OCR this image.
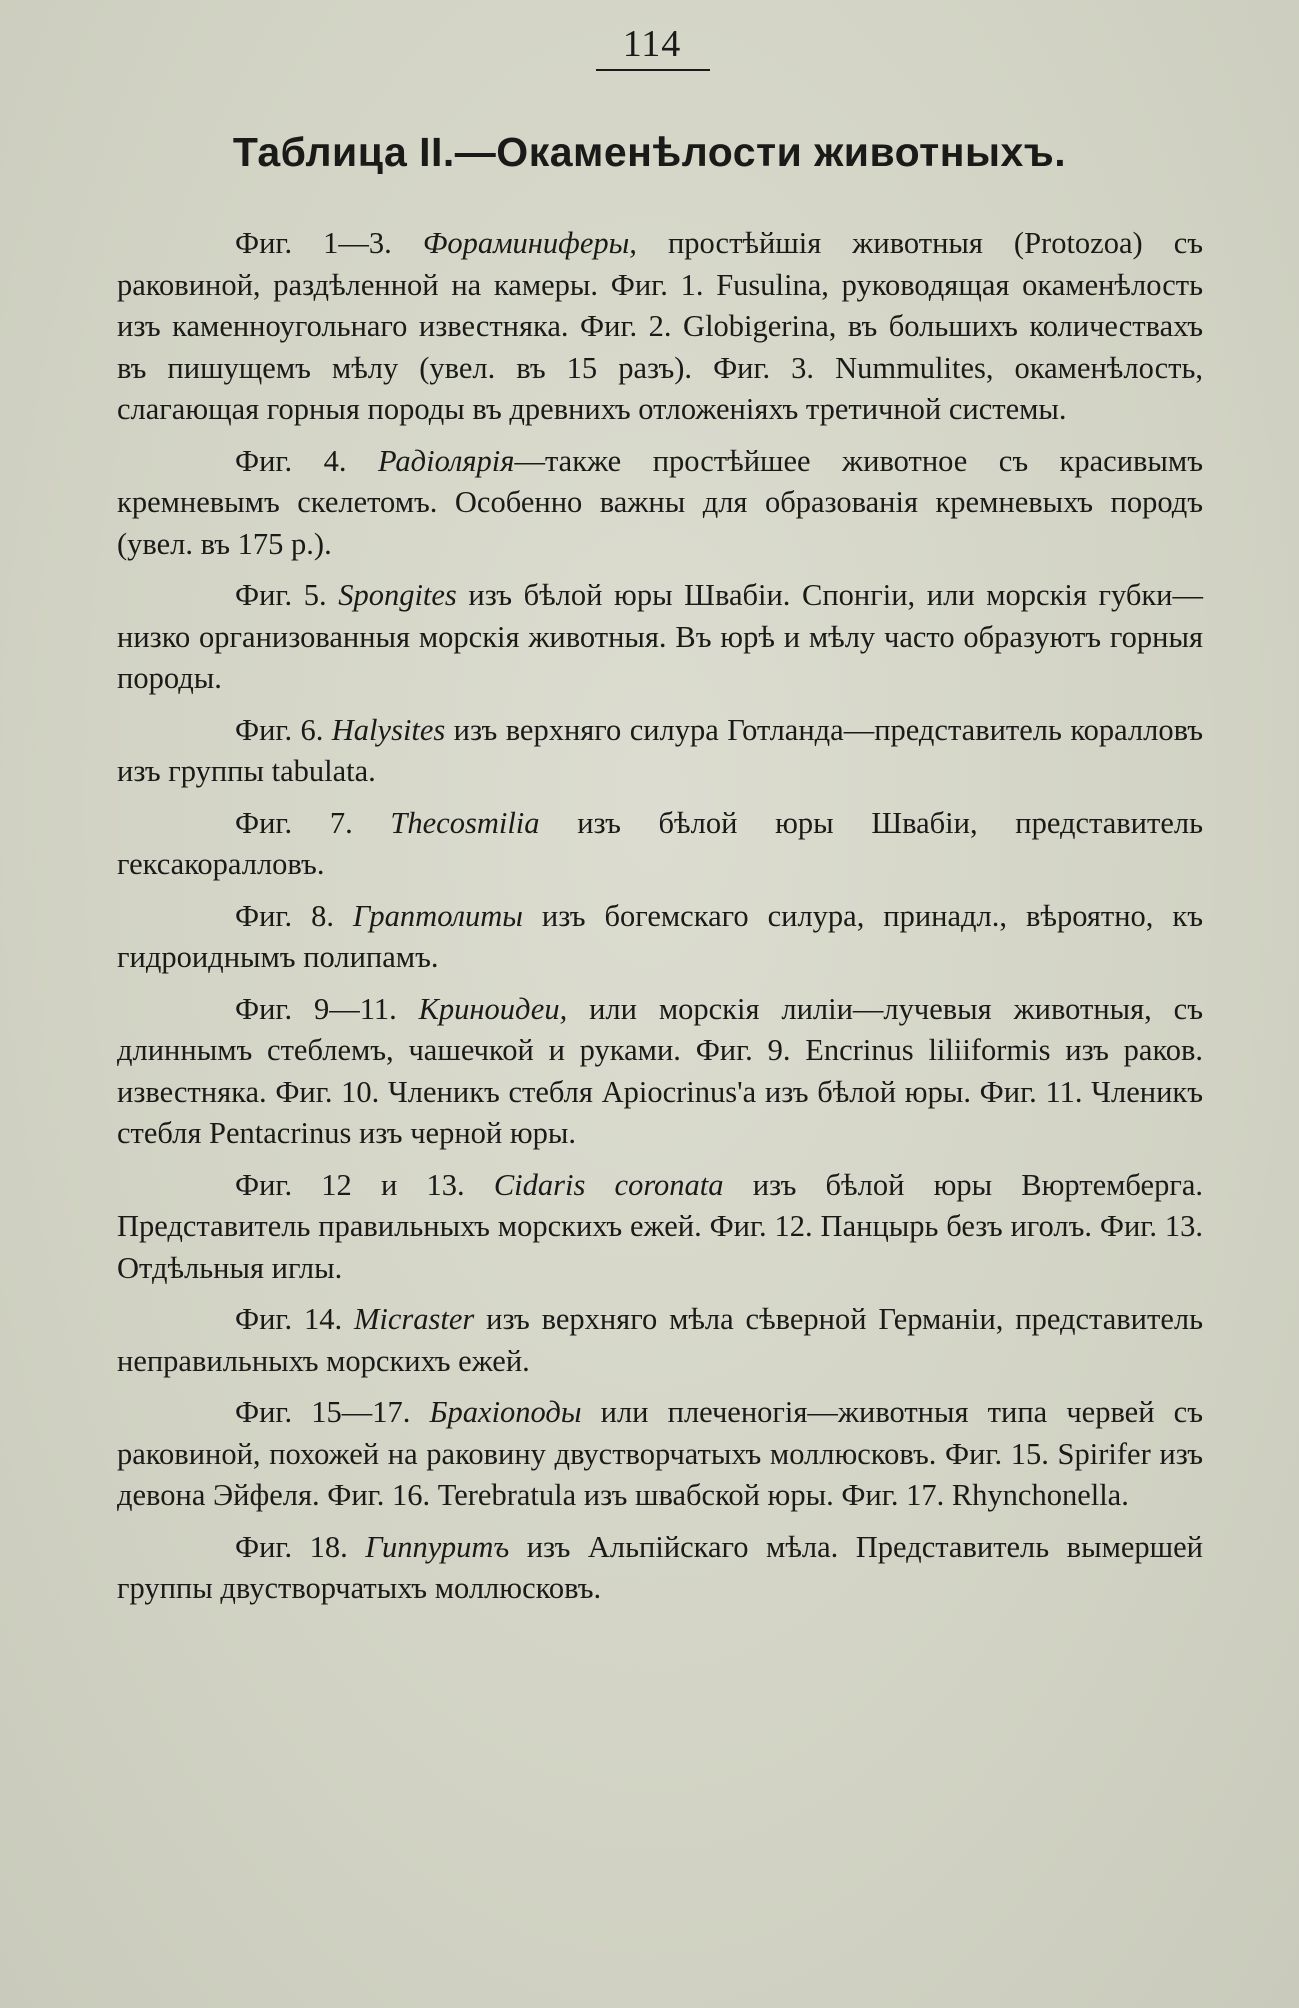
114
Таблица II.—Окаменѣлости животныхъ.

Фиг. 1—3. Фораминиферы, простѣйшія животныя (Protozoa) съ раковиной, раздѣленной на камеры. Фиг. 1. Fusulina, руководящая окаменѣлость изъ каменноугольнаго известняка. Фиг. 2. Globigerina, въ большихъ количествахъ въ пишущемъ мѣлу (увел. въ 15 разъ). Фиг. 3. Nummulites, окаменѣлость, слагающая горныя породы въ древнихъ отложеніяхъ третичной системы.

Фиг. 4. Радіолярія—также простѣйшее животное съ красивымъ кремневымъ скелетомъ. Особенно важны для образованія кремневыхъ породъ (увел. въ 175 р.).

Фиг. 5. Spongites изъ бѣлой юры Швабіи. Спонгіи, или морскія губки—низко организованныя морскія животныя. Въ юрѣ и мѣлу часто образуютъ горныя породы.

Фиг. 6. Halysites изъ верхняго силура Готланда—представитель коралловъ изъ группы tabulata.

Фиг. 7. Thecosmilia изъ бѣлой юры Швабіи, представитель гексакоралловъ.

Фиг. 8. Граптолиты изъ богемскаго силура, принадл., вѣроятно, къ гидроиднымъ полипамъ.

Фиг. 9—11. Криноидеи, или морскія лиліи—лучевыя животныя, съ длиннымъ стеблемъ, чашечкой и руками. Фиг. 9. Encrinus liliiformis изъ раков. известняка. Фиг. 10. Членикъ стебля Apiocrinus'a изъ бѣлой юры. Фиг. 11. Членикъ стебля Pentacrinus изъ черной юры.

Фиг. 12 и 13. Cidaris coronata изъ бѣлой юры Вюртемберга. Представитель правильныхъ морскихъ ежей. Фиг. 12. Панцырь безъ иголъ. Фиг. 13. Отдѣльныя иглы.

Фиг. 14. Micraster изъ верхняго мѣла сѣверной Германіи, представитель неправильныхъ морскихъ ежей.

Фиг. 15—17. Брахіоподы или плеченогія—животныя типа червей съ раковиной, похожей на раковину двустворчатыхъ моллюсковъ. Фиг. 15. Spirifer изъ девона Эйфеля. Фиг. 16. Terebratula изъ швабской юры. Фиг. 17. Rhynchonella.

Фиг. 18. Гиппуритъ изъ Альпійскаго мѣла. Представитель вымершей группы двустворчатыхъ моллюсковъ.
